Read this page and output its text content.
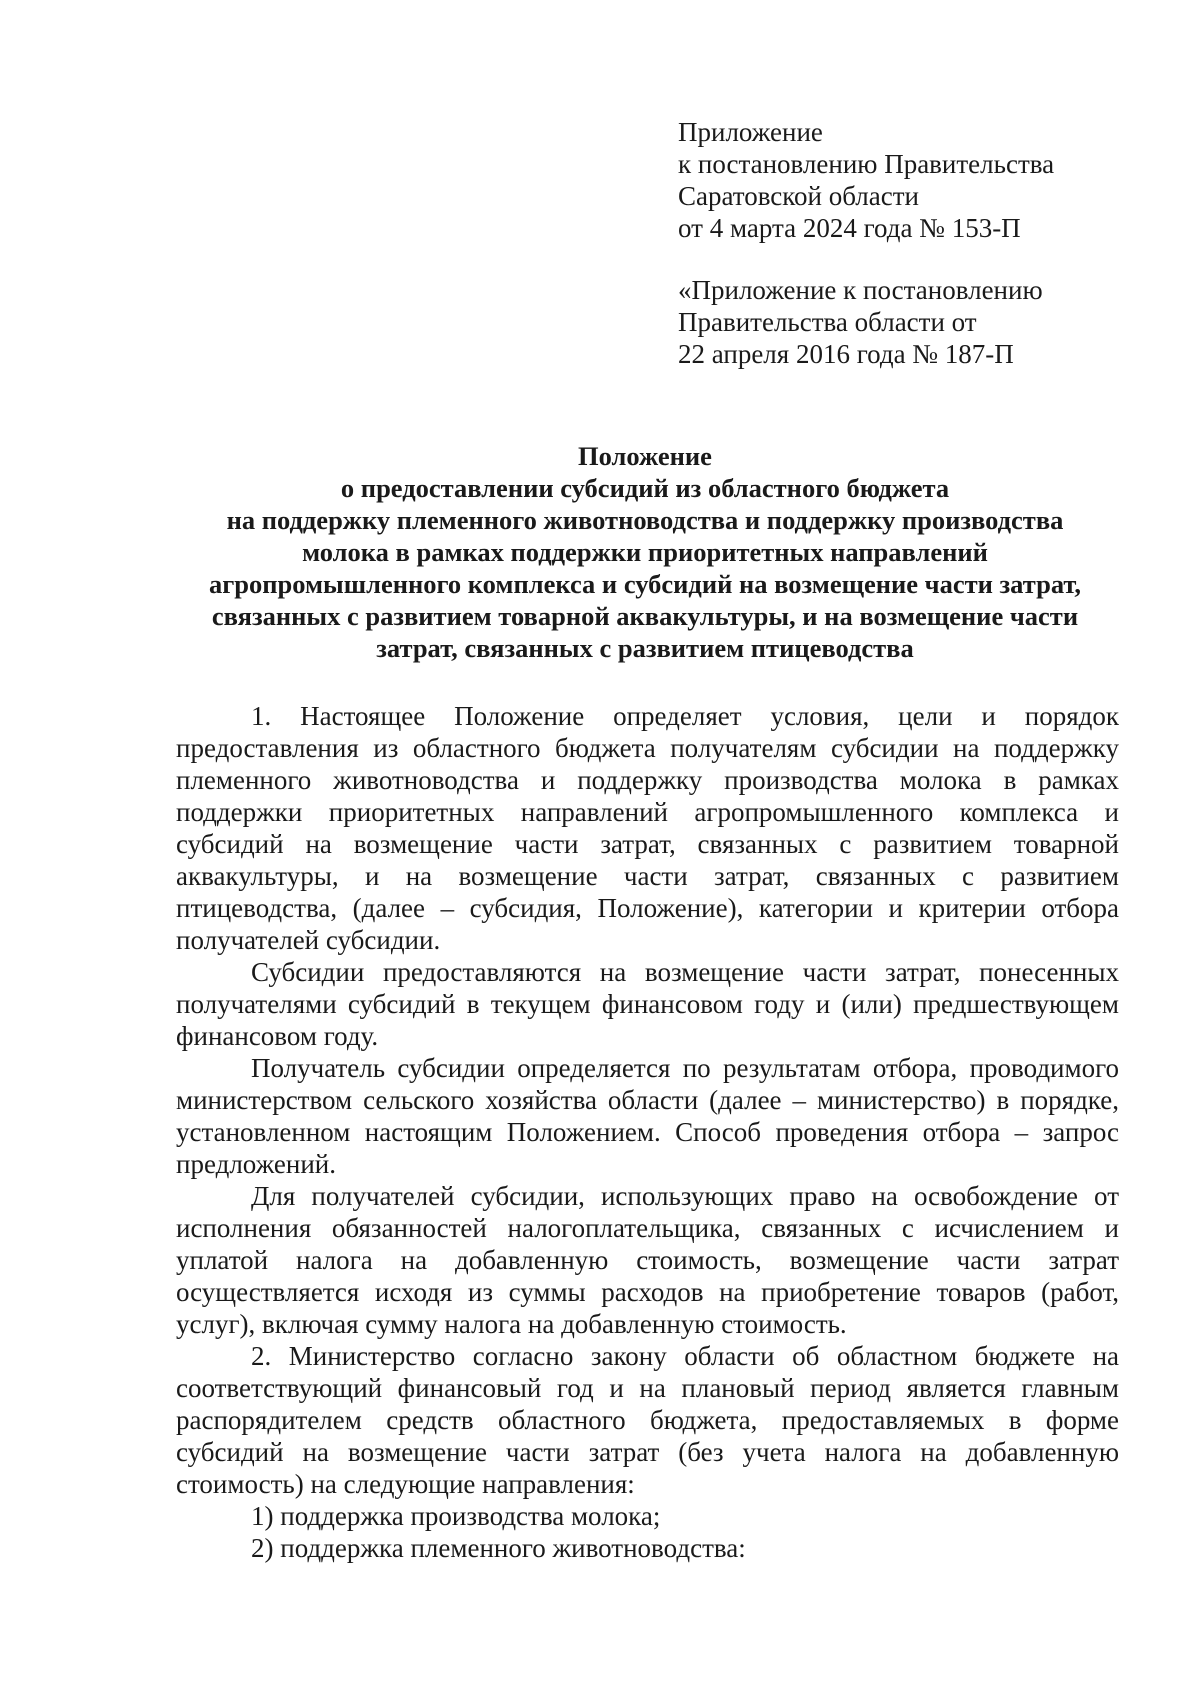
Приложение
к постановлению Правительства
Саратовской области
от 4 марта 2024 года № 153-П
«Приложение к постановлению
Правительства области от
22 апреля 2016 года № 187-П
Положение
о предоставлении субсидий из областного бюджета
на поддержку племенного животноводства и поддержку производства
молока в рамках поддержки приоритетных направлений
агропромышленного комплекса и субсидий на возмещение части затрат,
связанных с развитием товарной аквакультуры, и на возмещение части
затрат, связанных с развитием птицеводства

1. Настоящее Положение определяет условия, цели и порядок предоставления из областного бюджета получателям субсидии на поддержку племенного животноводства и поддержку производства молока в рамках поддержки приоритетных направлений агропромышленного комплекса и субсидий на возмещение части затрат, связанных с развитием товарной аквакультуры, и на возмещение части затрат, связанных с развитием птицеводства, (далее – субсидия, Положение), категории и критерии отбора получателей субсидии.

Субсидии предоставляются на возмещение части затрат, понесенных получателями субсидий в текущем финансовом году и (или) предшествующем финансовом году.

Получатель субсидии определяется по результатам отбора, проводимого министерством сельского хозяйства области (далее – министерство) в порядке, установленном настоящим Положением. Способ проведения отбора – запрос предложений.

Для получателей субсидии, использующих право на освобождение от исполнения обязанностей налогоплательщика, связанных с исчислением и уплатой налога на добавленную стоимость, возмещение части затрат осуществляется исходя из суммы расходов на приобретение товаров (работ, услуг), включая сумму налога на добавленную стоимость.

2. Министерство согласно закону области об областном бюджете на соответствующий финансовый год и на плановый период является главным распорядителем средств областного бюджета, предоставляемых в форме субсидий на возмещение части затрат (без учета налога на добавленную стоимость) на следующие направления:

1) поддержка производства молока;

2) поддержка племенного животноводства:
